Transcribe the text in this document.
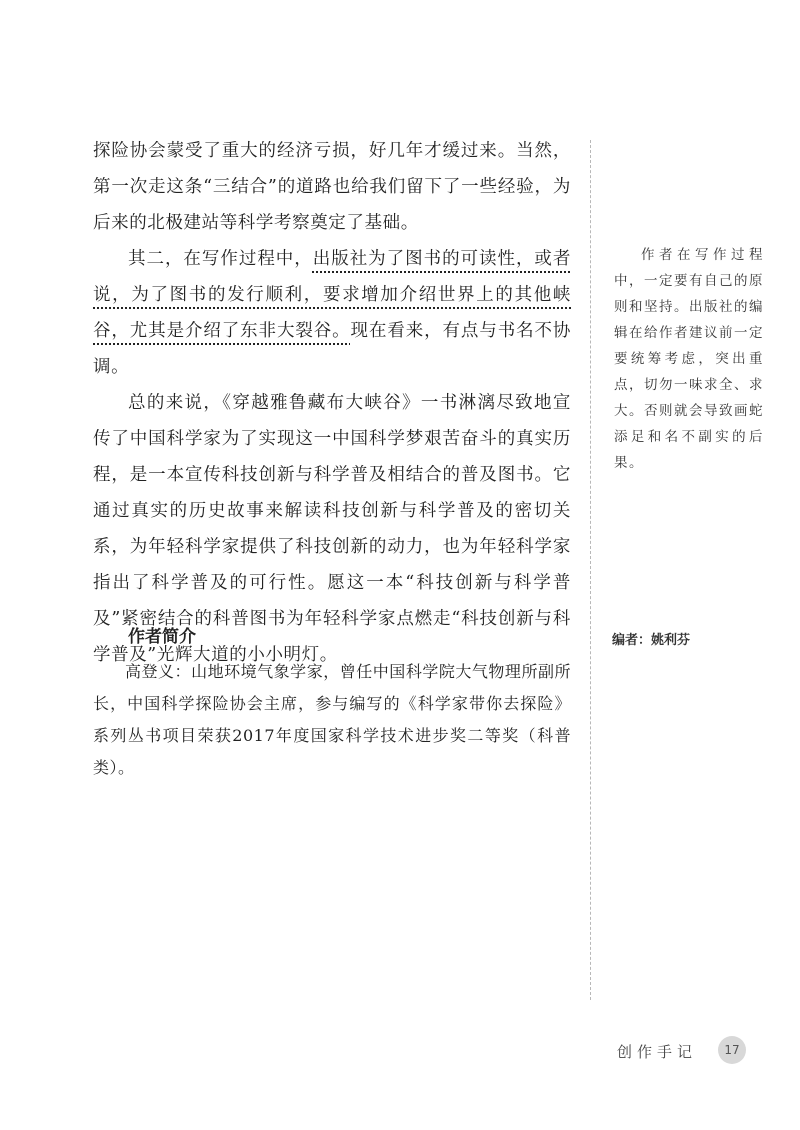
探险协会蒙受了重大的经济亏损，好几年才缓过来。当然，第一次走这条“三结合”的道路也给我们留下了一些经验，为后来的北极建站等科学考察奠定了基础。

其二，在写作过程中，出版社为了图书的可读性，或者说，为了图书的发行顺利，要求增加介绍世界上的其他峡谷，尤其是介绍了东非大裂谷。现在看来，有点与书名不协调。

总的来说，《穿越雅鲁藏布大峡谷》一书淋漓尽致地宣传了中国科学家为了实现这一中国科学梦艰苦奋斗的真实历程，是一本宣传科技创新与科学普及相结合的普及图书。它通过真实的历史故事来解读科技创新与科学普及的密切关系，为年轻科学家提供了科技创新的动力，也为年轻科学家指出了科学普及的可行性。愿这一本“科技创新与科学普及”紧密结合的科普图书为年轻科学家点燃走“科技创新与科学普及”光辉大道的小小明灯。

作者在写作过程中，一定要有自己的原则和坚持。出版社的编辑在给作者建议前一定要统筹考虑，突出重点，切勿一味求全、求大。否则就会导致画蛇添足和名不副实的后果。
作者简介
高登义：山地环境气象学家，曾任中国科学院大气物理所副所长，中国科学探险协会主席，参与编写的《科学家带你去探险》系列丛书项目荣获2017年度国家科学技术进步奖二等奖（科普类）。
编者：姚利芬
创作手记	17
